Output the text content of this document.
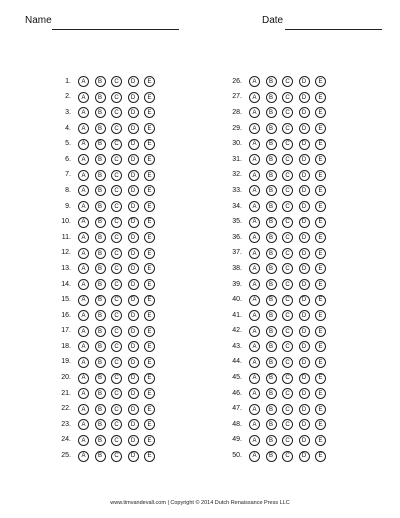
Name	Date
1.	A	B	C	D	E
2.	A	B	C	D	E
3.	A	B	C	D	E
4.	A	B	C	D	E
5.	A	B	C	D	E
6.	A	B	C	D	E
7.	A	B	C	D	E
8.	A	B	C	D	E
9.	A	B	C	D	E
10.	A	B	C	D	E
11.	A	B	C	D	E
12.	A	B	C	D	E
13.	A	B	C	D	E
14.	A	B	C	D	E
15.	A	B	C	D	E
16.	A	B	C	D	E
17.	A	B	C	D	E
18.	A	B	C	D	E
19.	A	B	C	D	E
20.	A	B	C	D	E
21.	A	B	C	D	E
22.	A	B	C	D	E
23.	A	B	C	D	E
24.	A	B	C	D	E
25.	A	B	C	D	E
26.	A	B	C	D	E
27.	A	B	C	D	E
28.	A	B	C	D	E
29.	A	B	C	D	E
30.	A	B	C	D	E
31.	A	B	C	D	E
32.	A	B	C	D	E
33.	A	B	C	D	E
34.	A	B	C	D	E
35.	A	B	C	D	E
36.	A	B	C	D	E
37.	A	B	C	D	E
38.	A	B	C	D	E
39.	A	B	C	D	E
40.	A	B	C	D	E
41.	A	B	C	D	E
42.	A	B	C	D	E
43.	A	B	C	D	E
44.	A	B	C	D	E
45.	A	B	C	D	E
46.	A	B	C	D	E
47.	A	B	C	D	E
48.	A	B	C	D	E
49.	A	B	C	D	E
50.	A	B	C	D	E
www.timvandevall.com | Copyright © 2014 Dutch Renaissance Press LLC
